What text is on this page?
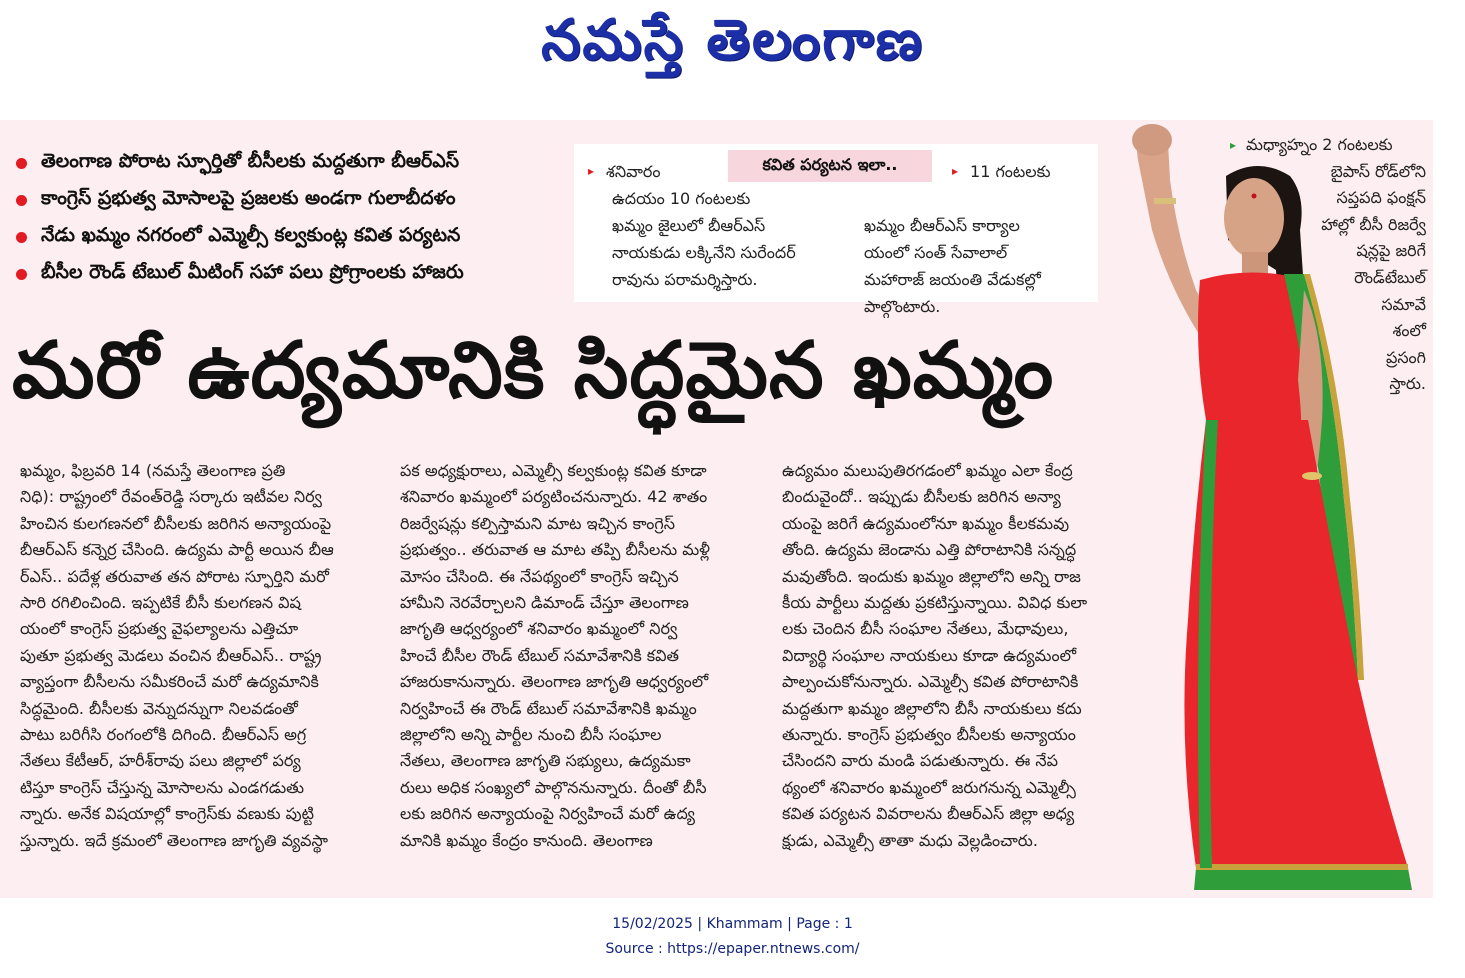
నమస్తే తెలంగాణ
తెలంగాణ పోరాట స్ఫూర్తితో బీసీలకు మద్దతుగా బీఆర్ఎస్
కాంగ్రెస్ ప్రభుత్వ మోసాలపై ప్రజలకు అండగా గులాబీదళం
నేడు ఖమ్మం నగరంలో ఎమ్మెల్సీ కల్వకుంట్ల కవిత పర్యటన
బీసీల రౌండ్ టేబుల్ మీటింగ్ సహా పలు ప్రోగ్రాంలకు హాజరు
కవిత పర్యటన ఇలా..
▸ శనివారం
ఉదయం 10 గంటలకు
ఖమ్మం జైలులో బీఆర్ఎస్
నాయకుడు లక్కినేని సురేందర్
రావును పరామర్శిస్తారు.
▸ 11 గంటలకు
ఖమ్మం బీఆర్ఎస్ కార్యాల
యంలో సంత్ సేవాలాల్
మహారాజ్ జయంతి వేడుకల్లో
పాల్గొంటారు.
మరో ఉద్యమానికి సిద్ధమైన ఖమ్మం

ఖమ్మం, ఫిబ్రవరి 14 (నమస్తే తెలంగాణ ప్రతి

నిధి): రాష్ట్రంలో రేవంత్‌రెడ్డి సర్కారు ఇటీవల నిర్వ

హించిన కులగణనలో బీసీలకు జరిగిన అన్యాయంపై

బీఆర్ఎస్ కన్నెర్ర చేసింది. ఉద్యమ పార్టీ అయిన బీఆ

ర్ఎస్.. పదేళ్ల తరువాత తన పోరాట స్ఫూర్తిని మరో

సారి రగిలించింది. ఇప్పటికే బీసీ కులగణన విష

యంలో కాంగ్రెస్ ప్రభుత్వ వైఫల్యాలను ఎత్తిచూ

పుతూ ప్రభుత్వ మెడలు వంచిన బీఆర్ఎస్.. రాష్ట్ర

వ్యాప్తంగా బీసీలను సమీకరించే మరో ఉద్యమానికి

సిద్ధమైంది. బీసీలకు వెన్నుదన్నుగా నిలవడంతో

పాటు బరిగీసి రంగంలోకి దిగింది. బీఆర్ఎస్ అగ్ర

నేతలు కేటీఆర్, హరీశ్‌రావు పలు జిల్లాలో పర్య

టిస్తూ కాంగ్రెస్ చేస్తున్న మోసాలను ఎండగడుతు

న్నారు. అనేక విషయాల్లో కాంగ్రెస్‌కు వణుకు పుట్టి

స్తున్నారు. ఇదే క్రమంలో తెలంగాణ జాగృతి వ్యవస్థా

పక అధ్యక్షురాలు, ఎమ్మెల్సీ కల్వకుంట్ల కవిత కూడా

శనివారం ఖమ్మంలో పర్యటించనున్నారు. 42 శాతం

రిజర్వేషన్లు కల్పిస్తామని మాట ఇచ్చిన కాంగ్రెస్

ప్రభుత్వం.. తరువాత ఆ మాట తప్పి బీసీలను మళ్లీ

మోసం చేసింది. ఈ నేపథ్యంలో కాంగ్రెస్ ఇచ్చిన

హామీని నెరవేర్చాలని డిమాండ్ చేస్తూ తెలంగాణ

జాగృతి ఆధ్వర్యంలో శనివారం ఖమ్మంలో నిర్వ

హించే బీసీల రౌండ్ టేబుల్ సమావేశానికి కవిత

హాజరుకానున్నారు. తెలంగాణ జాగృతి ఆధ్వర్యంలో

నిర్వహించే ఈ రౌండ్ టేబుల్ సమావేశానికి ఖమ్మం

జిల్లాలోని అన్ని పార్టీల నుంచి బీసీ సంఘాల

నేతలు, తెలంగాణ జాగృతి సభ్యులు, ఉద్యమకా

రులు అధిక సంఖ్యలో పాల్గొననున్నారు. దీంతో బీసీ

లకు జరిగిన అన్యాయంపై నిర్వహించే మరో ఉద్య

మానికి ఖమ్మం కేంద్రం కానుంది. తెలంగాణ

ఉద్యమం మలుపుతిరగడంలో ఖమ్మం ఎలా కేంద్ర

బిందువైందో.. ఇప్పుడు బీసీలకు జరిగిన అన్యా

యంపై జరిగే ఉద్యమంలోనూ ఖమ్మం కీలకమవు

తోంది. ఉద్యమ జెండాను ఎత్తి పోరాటానికి సన్నద్ధ

మవుతోంది. ఇందుకు ఖమ్మం జిల్లాలోని అన్ని రాజ

కీయ పార్టీలు మద్దతు ప్రకటిస్తున్నాయి. వివిధ కులా

లకు చెందిన బీసీ సంఘాల నేతలు, మేధావులు,

విద్యార్థి సంఘాల నాయకులు కూడా ఉద్యమంలో

పాల్పంచుకోనున్నారు. ఎమ్మెల్సీ కవిత పోరాటానికి

మద్దతుగా ఖమ్మం జిల్లాలోని బీసీ నాయకులు కదు

తున్నారు. కాంగ్రెస్ ప్రభుత్వం బీసీలకు అన్యాయం

చేసిందని వారు మండి పడుతున్నారు. ఈ నేప

థ్యంలో శనివారం ఖమ్మంలో జరుగనున్న ఎమ్మెల్సీ

కవిత పర్యటన వివరాలను బీఆర్ఎస్ జిల్లా అధ్య

క్షుడు, ఎమ్మెల్సీ తాతా మధు వెల్లడించారు.

▸ మధ్యాహ్నం 2 గంటలకు
బైపాస్ రోడ్‌లోని
సప్తపది ఫంక్షన్
హాల్లో బీసీ రిజర్వే
షన్లపై జరిగే
రౌండ్‌టేబుల్
సమావే
శంలో
ప్రసంగి
స్తారు.
15/02/2025 | Khammam | Page : 1
Source : https://epaper.ntnews.com/
